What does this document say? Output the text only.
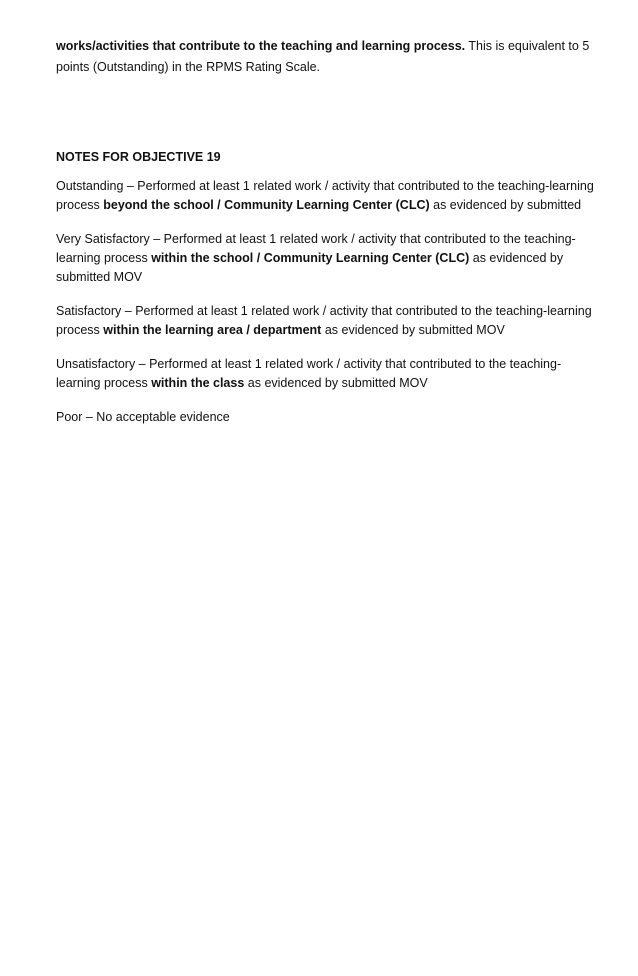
works/activities that contribute to the teaching and learning process. This is equivalent to 5 points (Outstanding) in the RPMS Rating Scale.

NOTES FOR OBJECTIVE 19

Outstanding – Performed at least 1 related work / activity that contributed to the teaching-learning process beyond the school / Community Learning Center (CLC) as evidenced by submitted

Very Satisfactory – Performed at least 1 related work / activity that contributed to the teaching-learning process within the school / Community Learning Center (CLC) as evidenced by submitted MOV

Satisfactory – Performed at least 1 related work / activity that contributed to the teaching-learning process within the learning area / department as evidenced by submitted MOV

Unsatisfactory – Performed at least 1 related work / activity that contributed to the teaching-learning process within the class as evidenced by submitted MOV

Poor – No acceptable evidence
